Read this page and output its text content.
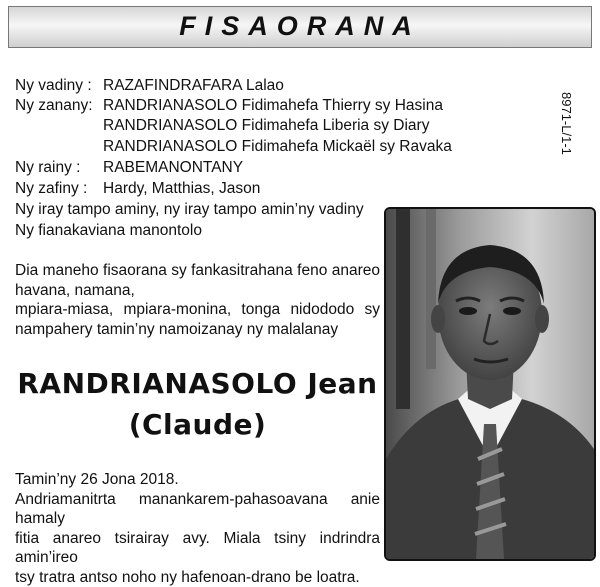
FISAORANA
8971-L/1-1
Ny vadiny : RAZAFINDRAFARA Lalao
Ny zanany: RANDRIANASOLO Fidimahefa Thierry sy Hasina
RANDRIANASOLO Fidimahefa Liberia sy Diary
RANDRIANASOLO Fidimahefa Mickaël sy Ravaka
Ny rainy : RABEMANONTANY
Ny zafiny : Hardy, Matthias, Jason
Ny iray tampo aminy, ny iray tampo amin’ny vadiny
Ny fianakaviana manontolo
Dia maneho fisaorana sy fankasitrahana feno anareo
havana, namana,
mpiara-miasa, mpiara-monina, tonga nidododo sy
nampahery tamin’ny namoizanay ny malalanay
RANDRIANASOLO Jean
(Claude)
Tamin’ny 26 Jona 2018.
Andriamanitrta manankarem-pahasoavana anie hamaly
fitia anareo tsirairay avy. Miala tsiny indrindra amin’ireo
tsy tratra antso noho ny hafenoan-drano be loatra.
